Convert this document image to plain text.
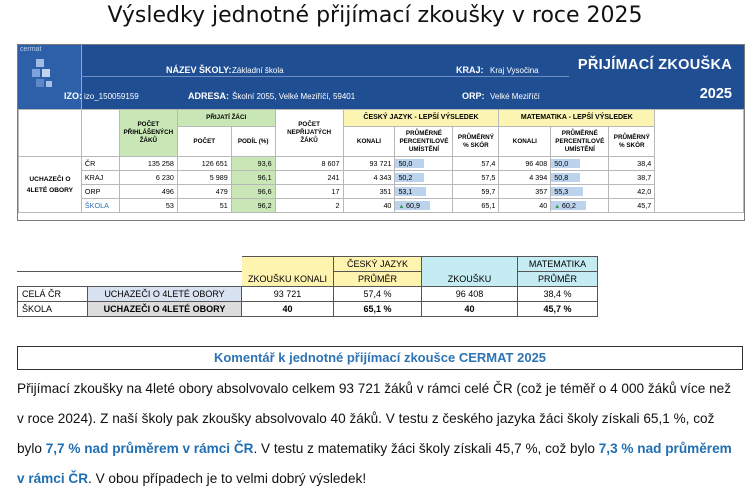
Výsledky jednotné přijímací zkoušky v roce 2025
cermat
NÁZEV ŠKOLY: Základní škola	KRAJ: Kraj Vysočina
IZO: izo_150059159	ADRESA: Školní 2055, Velké Meziříčí, 59401	ORP: Velké Meziříčí
PŘIJÍMACÍ ZKOUŠKA
2025
		POČET PŘIHLÁŠENÝCH ŽÁKŮ	PŘIJATÍ ŽÁCI		POČET NEPŘIJATÝCH ŽÁKŮ	ČESKÝ JAZYK - LEPŠÍ VÝSLEDEK			MATEMATIKA - LEPŠÍ VÝSLEDEK			
			POČET	PODÍL (%)		KONALI	PRŮMĚRNÉ PERCENTILOVÉ UMÍSTĚNÍ	PRŮMĚRNÝ % SKÓR	KONALI	PRŮMĚRNÉ PERCENTILOVÉ UMÍSTĚNÍ	PRŮMĚRNÝ % SKÓR	
UCHAZEČI O 4LETÉ OBORY	ČR	135 258	126 651	93,6	8 607	93 721	50,0	57,4	96 408	50,0	38,4	
	KRAJ	6 230	5 989	96,1	241	4 343	50,2	57,5	4 394	50,8	38,7	
	ORP	496	479	96,6	17	351	53,1	59,7	357	55,3	42,0	
	ŠKOLA	53	51	96,2	2	40	▲ 60,9	65,1	40	▲ 60,2	45,7	
			ČESKÝ JAZYK		MATEMATIKA
		ZKOUŠKU KONALI	PRŮMĚR	ZKOUŠKU	PRŮMĚR
CELÁ ČR	UCHAZEČI O 4LETÉ OBORY	93 721	57,4 %	96 408	38,4 %
ŠKOLA	UCHAZEČI O 4LETÉ OBORY	40	65,1 %	40	45,7 %
Komentář k jednotné přijímací zkoušce CERMAT 2025
Přijímací zkoušky na 4leté obory absolvovalo celkem 93 721 žáků v rámci celé ČR (což je téměř o 4 000 žáků více než v roce 2024). Z naší školy pak zkoušky absolvovalo 40 žáků. V testu z českého jazyka žáci školy získali 65,1 %, což bylo 7,7 % nad průměrem v rámci ČR. V testu z matematiky žáci školy získali 45,7 %, což bylo 7,3 % nad průměrem v rámci ČR. V obou případech je to velmi dobrý výsledek!
